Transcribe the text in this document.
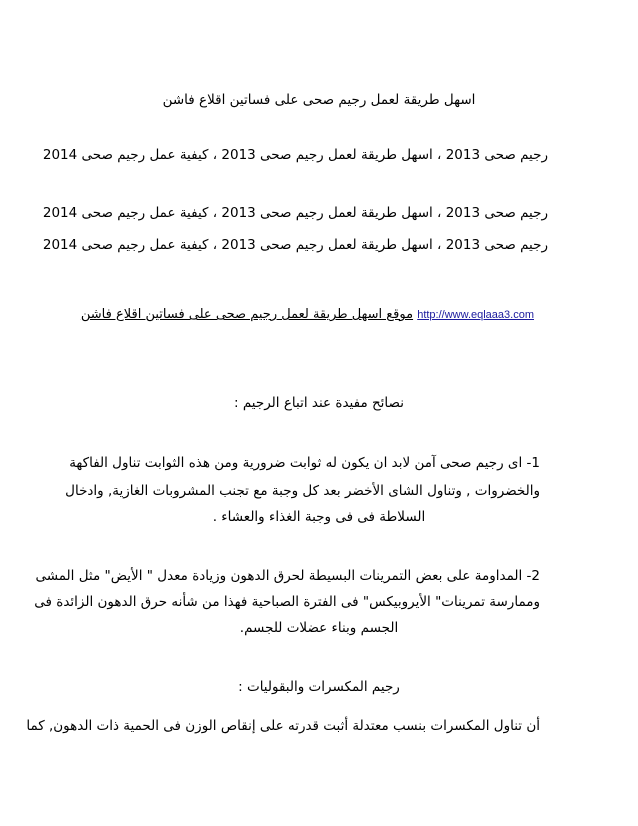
اسهل طريقة لعمل رجيم صحى على فساتين اقلاع فاشن
رجيم صحى 2013 ، اسهل طريقة لعمل رجيم صحى 2013 ، كيفية عمل رجيم صحى 2014
رجيم صحى 2013 ، اسهل طريقة لعمل رجيم صحى 2013 ، كيفية عمل رجيم صحى 2014
رجيم صحى 2013 ، اسهل طريقة لعمل رجيم صحى 2013 ، كيفية عمل رجيم صحى 2014
http://www.eqlaaa3.com موقع اسهل طريقة لعمل رجيم صحى على فساتين اقلاع فاشن
نصائح مفيدة عند اتباع الرجيم :
1- اى رجيم صحى آمن لابد ان يكون له ثوابت ضرورية ومن هذه الثوابت تناول الفاكهة
والخضروات , وتناول الشاى الأخضر بعد كل وجبة مع تجنب المشروبات الغازية, وادخال
السلاطة فى فى وجبة الغذاء والعشاء .
2- المداومة على بعض التمرينات البسيطة لحرق الدهون وزيادة معدل " الأيض" مثل المشى
وممارسة تمرينات" الأيروبيكس" فى الفترة الصباحية فهذا من شأنه حرق الدهون الزائدة فى
الجسم وبناء عضلات للجسم.
رجيم المكسرات والبقوليات :
أن تناول المكسرات بنسب معتدلة أثبت قدرته على إنقاص الوزن فى الحمية ذات الدهون, كما
